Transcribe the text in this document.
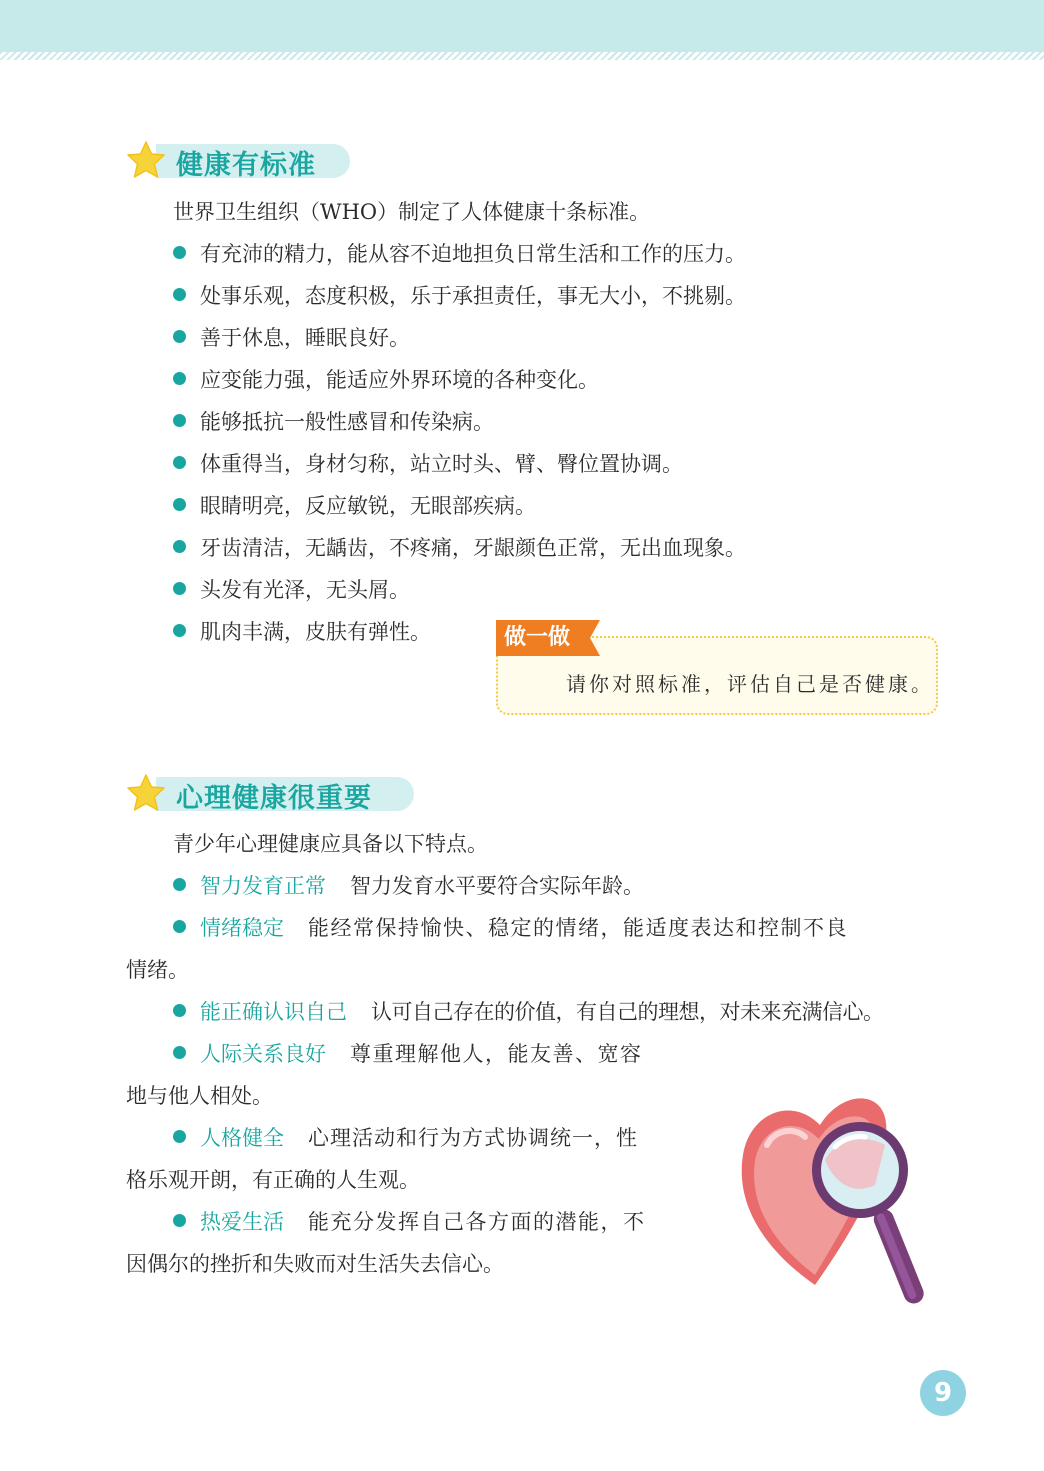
健康有标准
世界卫生组织（WHO）制定了人体健康十条标准。
有充沛的精力，能从容不迫地担负日常生活和工作的压力。
处事乐观，态度积极，乐于承担责任，事无大小，不挑剔。
善于休息，睡眠良好。
应变能力强，能适应外界环境的各种变化。
能够抵抗一般性感冒和传染病。
体重得当，身材匀称，站立时头、臂、臀位置协调。
眼睛明亮，反应敏锐，无眼部疾病。
牙齿清洁，无龋齿，不疼痛，牙龈颜色正常，无出血现象。
头发有光泽，无头屑。
肌肉丰满，皮肤有弹性。	做一做
请你对照标准，评估自己是否健康。
心理健康很重要
青少年心理健康应具备以下特点。
智力发育正常 智力发育水平要符合实际年龄。
情绪稳定 能经常保持愉快、稳定的情绪，能适度表达和控制不良
情绪。
能正确认识自己 认可自己存在的价值，有自己的理想，对未来充满信心。
人际关系良好 尊重理解他人，能友善、宽容
地与他人相处。
人格健全 心理活动和行为方式协调统一，性
格乐观开朗，有正确的人生观。
热爱生活 能充分发挥自己各方面的潜能，不
因偶尔的挫折和失败而对生活失去信心。
9
